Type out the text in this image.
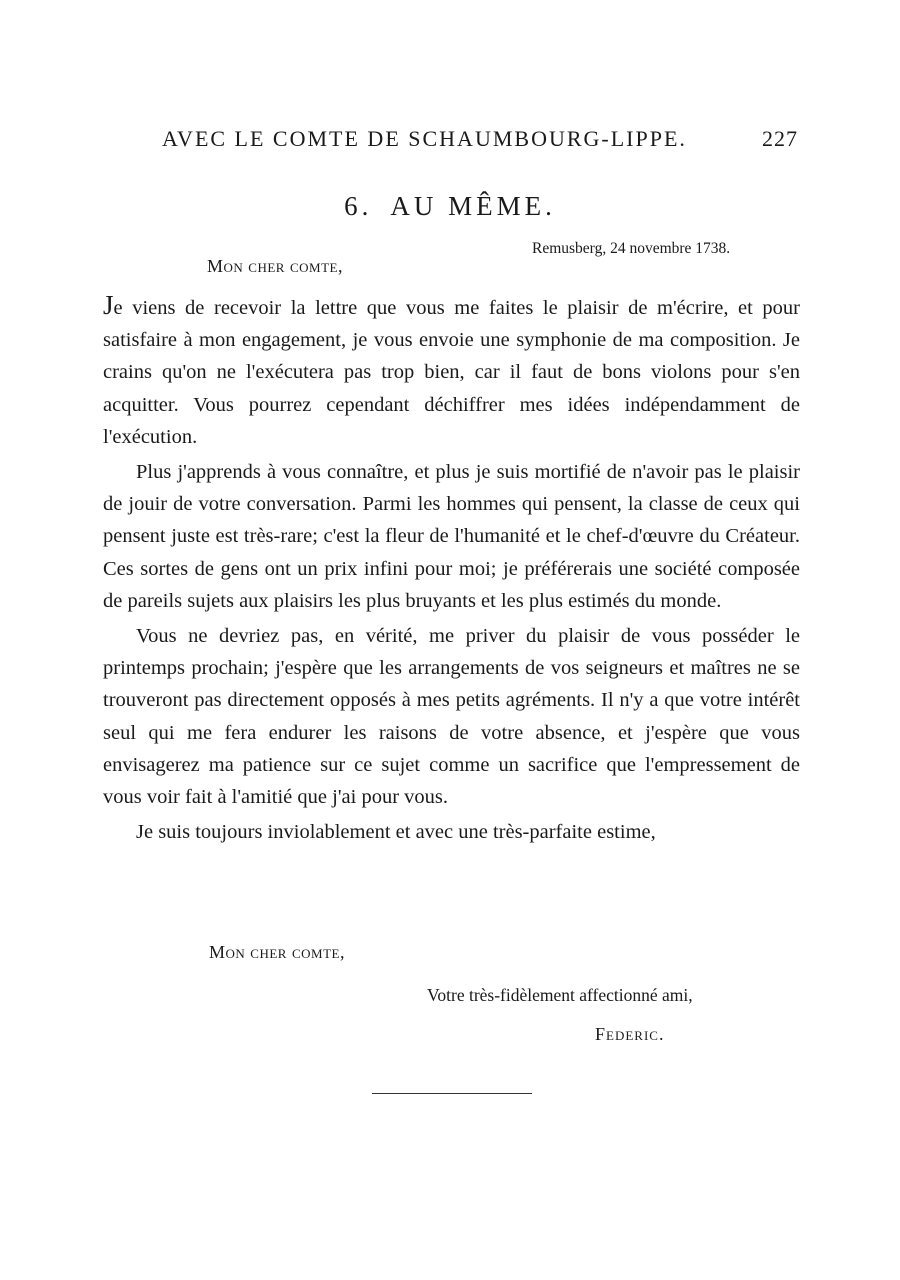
AVEC LE COMTE DE SCHAUMBOURG-LIPPE.	227
6. AU MÊME.
Remusberg, 24 novembre 1738.
Mon cher comte,

Je viens de recevoir la lettre que vous me faites le plaisir de m'écrire, et pour satisfaire à mon engagement, je vous envoie une symphonie de ma composition. Je crains qu'on ne l'exécutera pas trop bien, car il faut de bons violons pour s'en acquitter. Vous pourrez cependant déchiffrer mes idées indépendamment de l'exécution.

Plus j'apprends à vous connaître, et plus je suis mortifié de n'avoir pas le plaisir de jouir de votre conversation. Parmi les hommes qui pensent, la classe de ceux qui pensent juste est très-rare; c'est la fleur de l'humanité et le chef-d'œuvre du Créateur. Ces sortes de gens ont un prix infini pour moi; je préférerais une société composée de pareils sujets aux plaisirs les plus bruyants et les plus estimés du monde.

Vous ne devriez pas, en vérité, me priver du plaisir de vous posséder le printemps prochain; j'espère que les arrangements de vos seigneurs et maîtres ne se trouveront pas directement opposés à mes petits agréments. Il n'y a que votre intérêt seul qui me fera endurer les raisons de votre absence, et j'espère que vous envisagerez ma patience sur ce sujet comme un sacrifice que l'empressement de vous voir fait à l'amitié que j'ai pour vous.

Je suis toujours inviolablement et avec une très-parfaite estime,

Mon cher comte,
Votre très-fidèlement affectionné ami,
Federic.
